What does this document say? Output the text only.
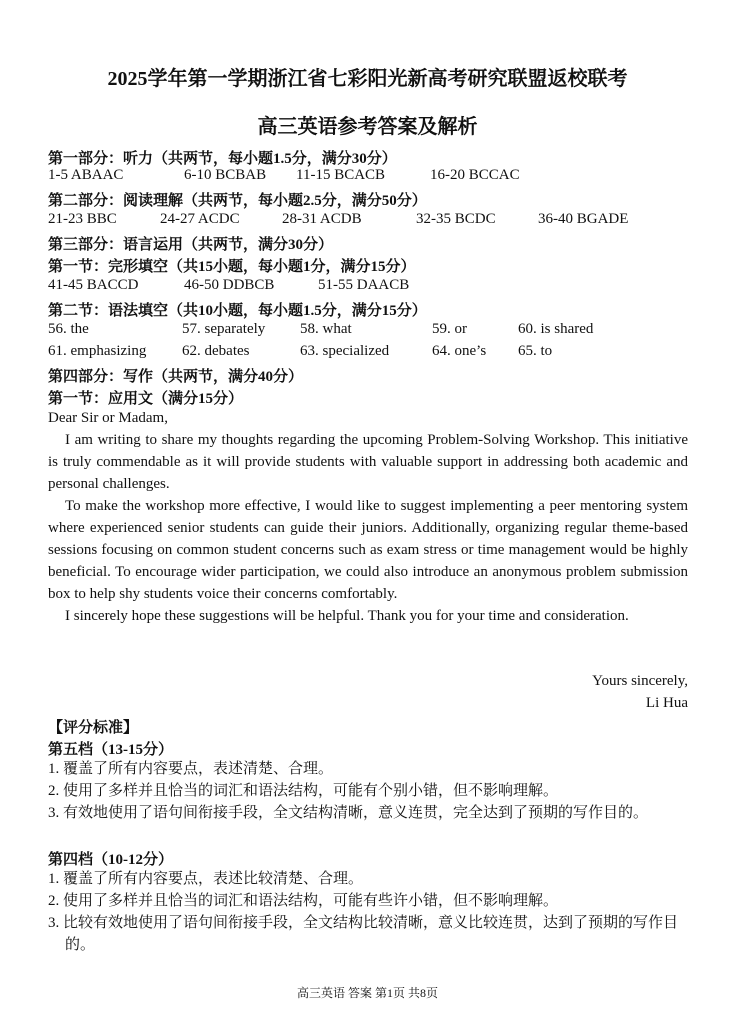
2025学年第一学期浙江省七彩阳光新高考研究联盟返校联考
高三英语参考答案及解析
第一部分：听力（共两节，每小题1.5分，满分30分）
1-5 ABAAC	6-10 BCBAB 11-15 BCACB	16-20 BCCAC
第二部分：阅读理解（共两节，每小题2.5分，满分50分）
21-23 BBC	24-27 ACDC	28-31 ACDB	32-35 BCDC	36-40 BGADE
第三部分：语言运用（共两节，满分30分）
第一节：完形填空（共15小题，每小题1分，满分15分）
41-45 BACCD	46-50 DDBCB	51-55 DAACB
第二节：语法填空（共10小题，每小题1.5分，满分15分）
56. the	57. separately 58. what	59. or	60. is shared
61. emphasizing 62. debates	63. specialized	64. one’s 65. to
第四部分：写作（共两节，满分40分）
第一节：应用文（满分15分）

Dear Sir or Madam,

I am writing to share my thoughts regarding the upcoming Problem-Solving Workshop. This initiative is truly commendable as it will provide students with valuable support in addressing both academic and personal challenges.

To make the workshop more effective, I would like to suggest implementing a peer mentoring system where experienced senior students can guide their juniors. Additionally, organizing regular theme-based sessions focusing on common student concerns such as exam stress or time management would be highly beneficial. To encourage wider participation, we could also introduce an anonymous problem submission box to help shy students voice their concerns comfortably.

I sincerely hope these suggestions will be helpful. Thank you for your time and consideration.

Yours sincerely,
Li Hua
【评分标准】
第五档（13-15分）
1. 覆盖了所有内容要点，表述清楚、合理。
2. 使用了多样并且恰当的词汇和语法结构，可能有个别小错，但不影响理解。
3. 有效地使用了语句间衔接手段，全文结构清晰，意义连贯，完全达到了预期的写作目的。
第四档（10-12分）
1. 覆盖了所有内容要点，表述比较清楚、合理。
2. 使用了多样并且恰当的词汇和语法结构，可能有些许小错，但不影响理解。
3. 比较有效地使用了语句间衔接手段，全文结构比较清晰，意义比较连贯，达到了预期的写作目的。
高三英语 答案 第1页 共8页
